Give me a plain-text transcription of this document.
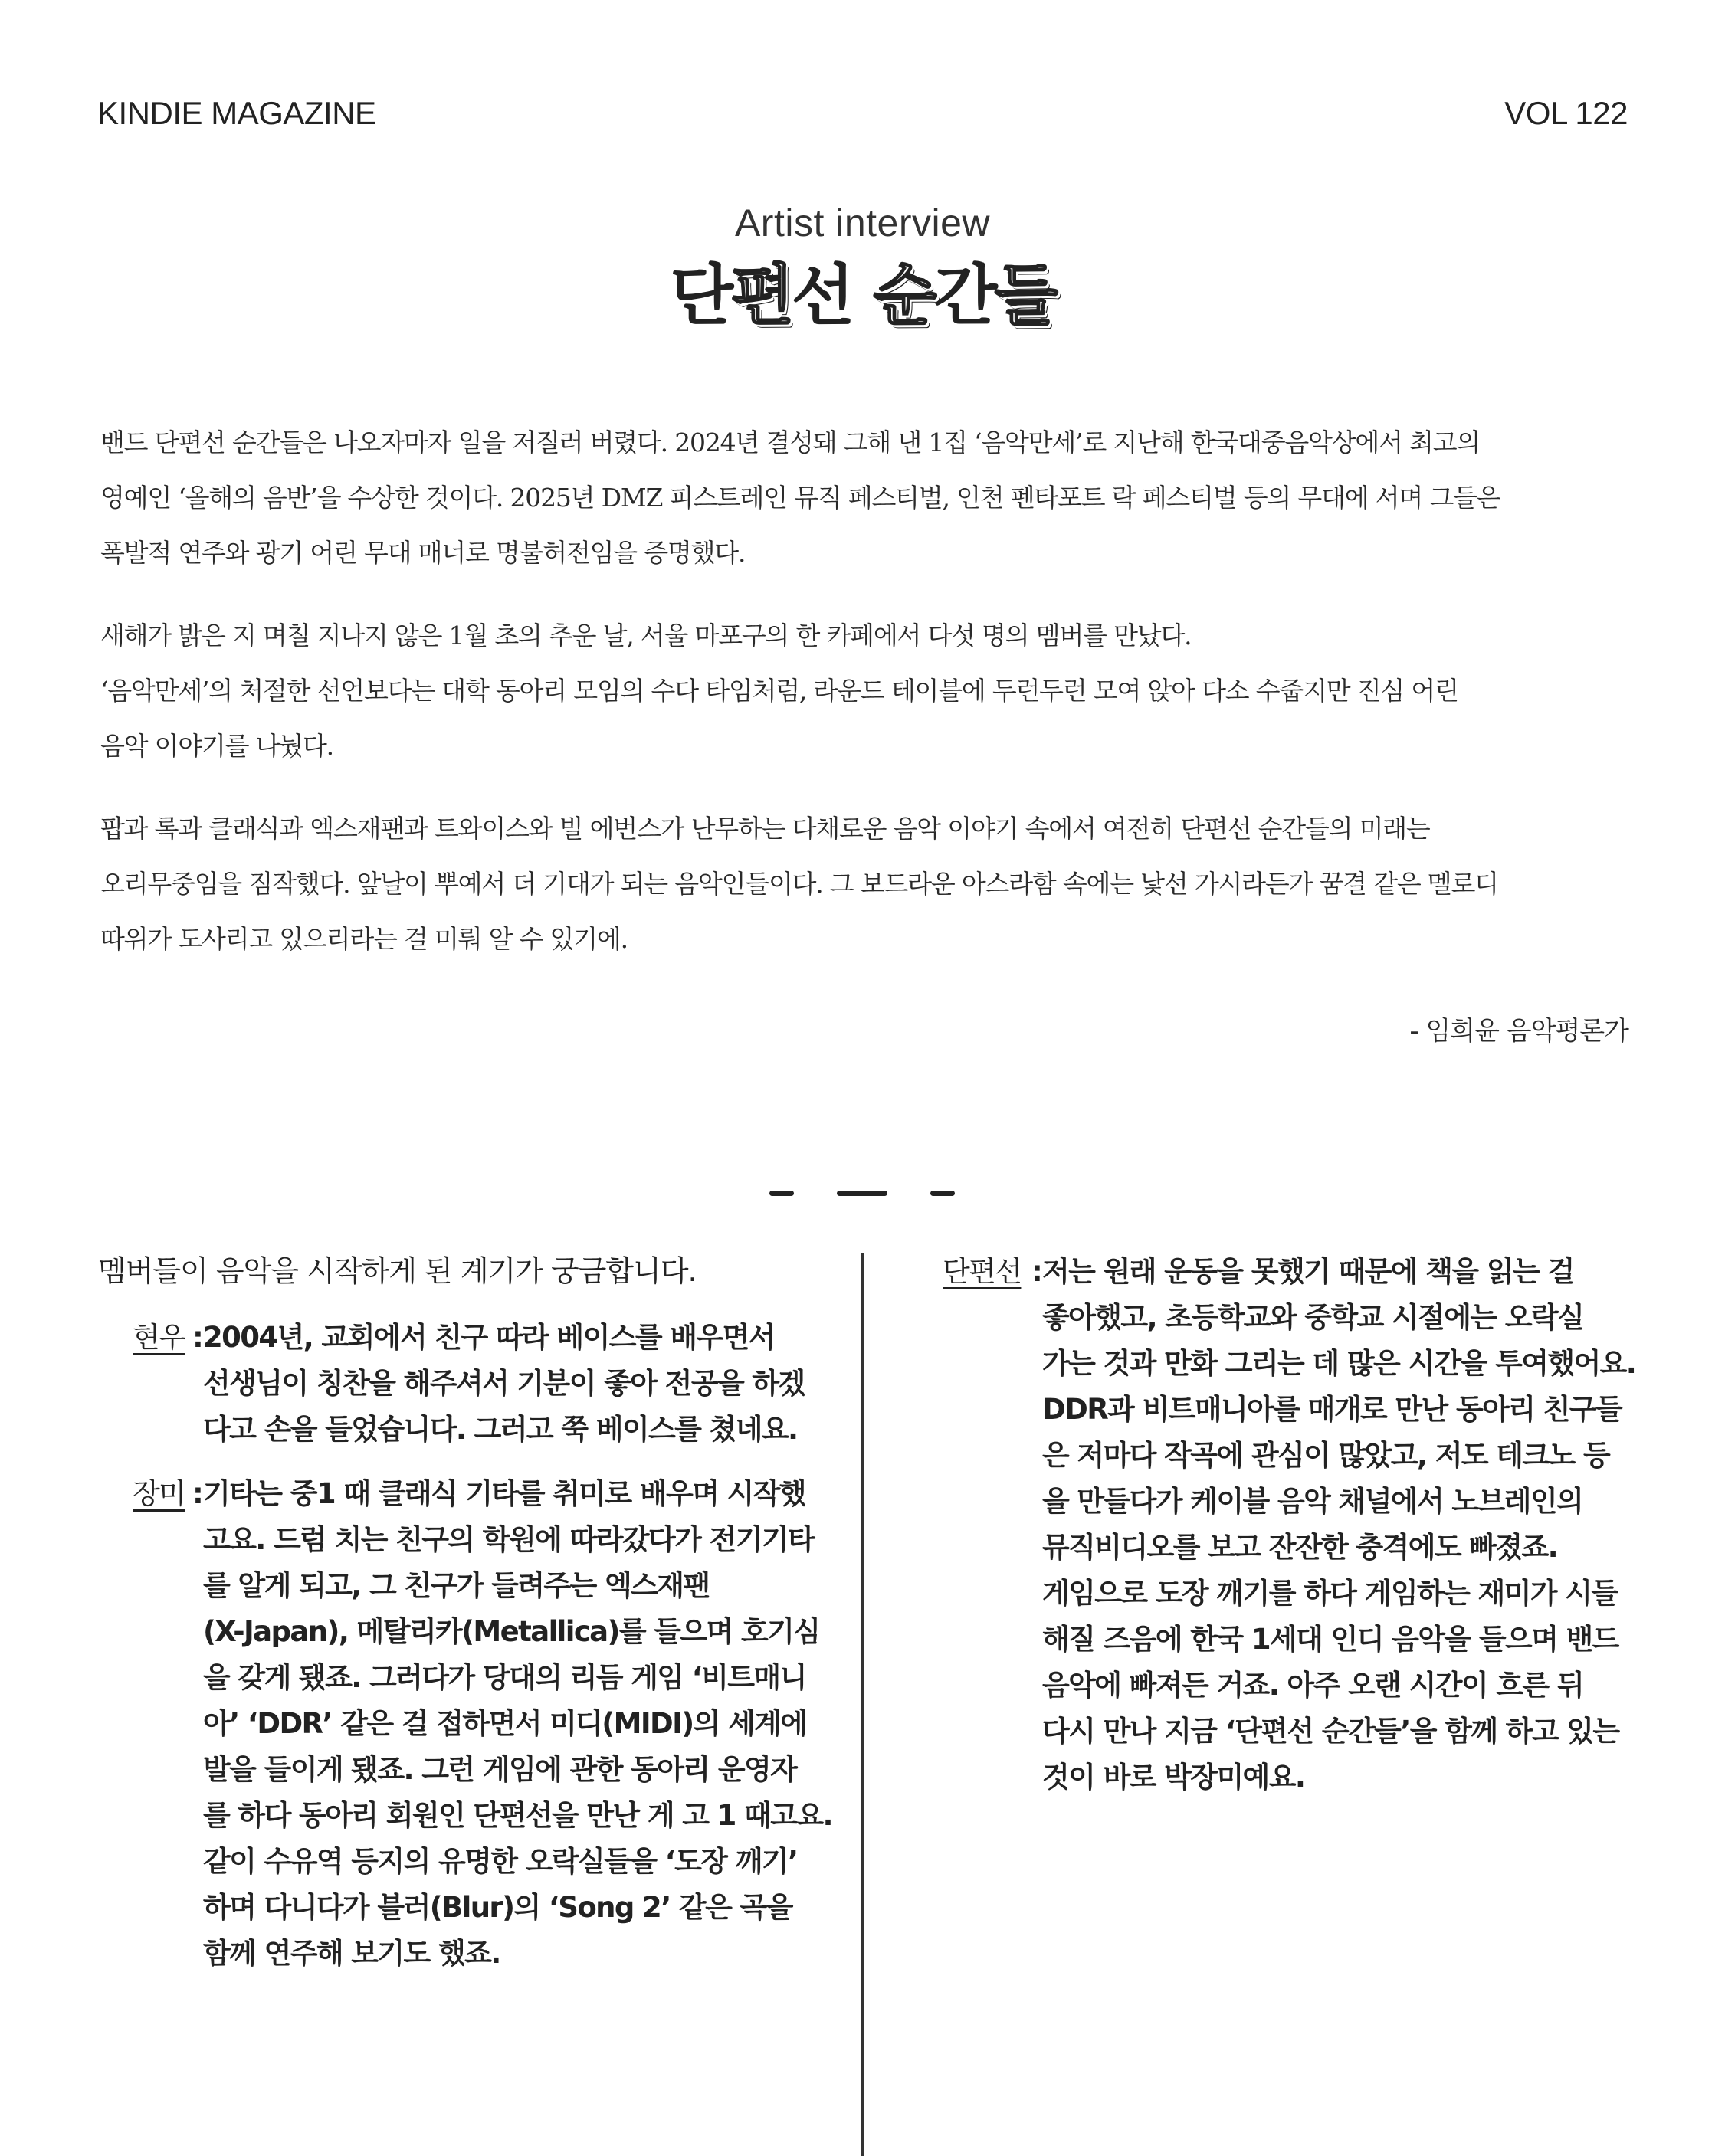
KINDIE MAGAZINE	VOL 122
Artist interview
단편선 순간들

밴드 단편선 순간들은 나오자마자 일을 저질러 버렸다. 2024년 결성돼 그해 낸 1집 ‘음악만세’로 지난해 한국대중음악상에서 최고의

영예인 ‘올해의 음반’을 수상한 것이다. 2025년 DMZ 피스트레인 뮤직 페스티벌, 인천 펜타포트 락 페스티벌 등의 무대에 서며 그들은

폭발적 연주와 광기 어린 무대 매너로 명불허전임을 증명했다.

새해가 밝은 지 며칠 지나지 않은 1월 초의 추운 날, 서울 마포구의 한 카페에서 다섯 명의 멤버를 만났다.

‘음악만세’의 처절한 선언보다는 대학 동아리 모임의 수다 타임처럼, 라운드 테이블에 두런두런 모여 앉아 다소 수줍지만 진심 어린

음악 이야기를 나눴다.

팝과 록과 클래식과 엑스재팬과 트와이스와 빌 에번스가 난무하는 다채로운 음악 이야기 속에서 여전히 단편선 순간들의 미래는

오리무중임을 짐작했다. 앞날이 뿌예서 더 기대가 되는 음악인들이다. 그 보드라운 아스라함 속에는 낯선 가시라든가 꿈결 같은 멜로디

따위가 도사리고 있으리라는 걸 미뤄 알 수 있기에.

- 임희윤 음악평론가
멤버들이 음악을 시작하게 된 계기가 궁금합니다.
현우 : 2004년, 교회에서 친구 따라 베이스를 배우면서
선생님이 칭찬을 해주셔서 기분이 좋아 전공을 하겠
다고 손을 들었습니다. 그러고 쭉 베이스를 쳤네요.
장미 : 기타는 중1 때 클래식 기타를 취미로 배우며 시작했
고요. 드럼 치는 친구의 학원에 따라갔다가 전기기타
를 알게 되고, 그 친구가 들려주는 엑스재팬
(X-Japan), 메탈리카(Metallica)를 들으며 호기심
을 갖게 됐죠. 그러다가 당대의 리듬 게임 ‘비트매니
아’ ‘DDR’ 같은 걸 접하면서 미디(MIDI)의 세계에
발을 들이게 됐죠. 그런 게임에 관한 동아리 운영자
를 하다 동아리 회원인 단편선을 만난 게 고 1 때고요.
같이 수유역 등지의 유명한 오락실들을 ‘도장 깨기’
하며 다니다가 블러(Blur)의 ‘Song 2’ 같은 곡을
함께 연주해 보기도 했죠.
단편선 : 저는 원래 운동을 못했기 때문에 책을 읽는 걸
좋아했고, 초등학교와 중학교 시절에는 오락실
가는 것과 만화 그리는 데 많은 시간을 투여했어요.
DDR과 비트매니아를 매개로 만난 동아리 친구들
은 저마다 작곡에 관심이 많았고, 저도 테크노 등
을 만들다가 케이블 음악 채널에서 노브레인의
뮤직비디오를 보고 잔잔한 충격에도 빠졌죠.
게임으로 도장 깨기를 하다 게임하는 재미가 시들
해질 즈음에 한국 1세대 인디 음악을 들으며 밴드
음악에 빠져든 거죠. 아주 오랜 시간이 흐른 뒤
다시 만나 지금 ‘단편선 순간들’을 함께 하고 있는
것이 바로 박장미예요.
